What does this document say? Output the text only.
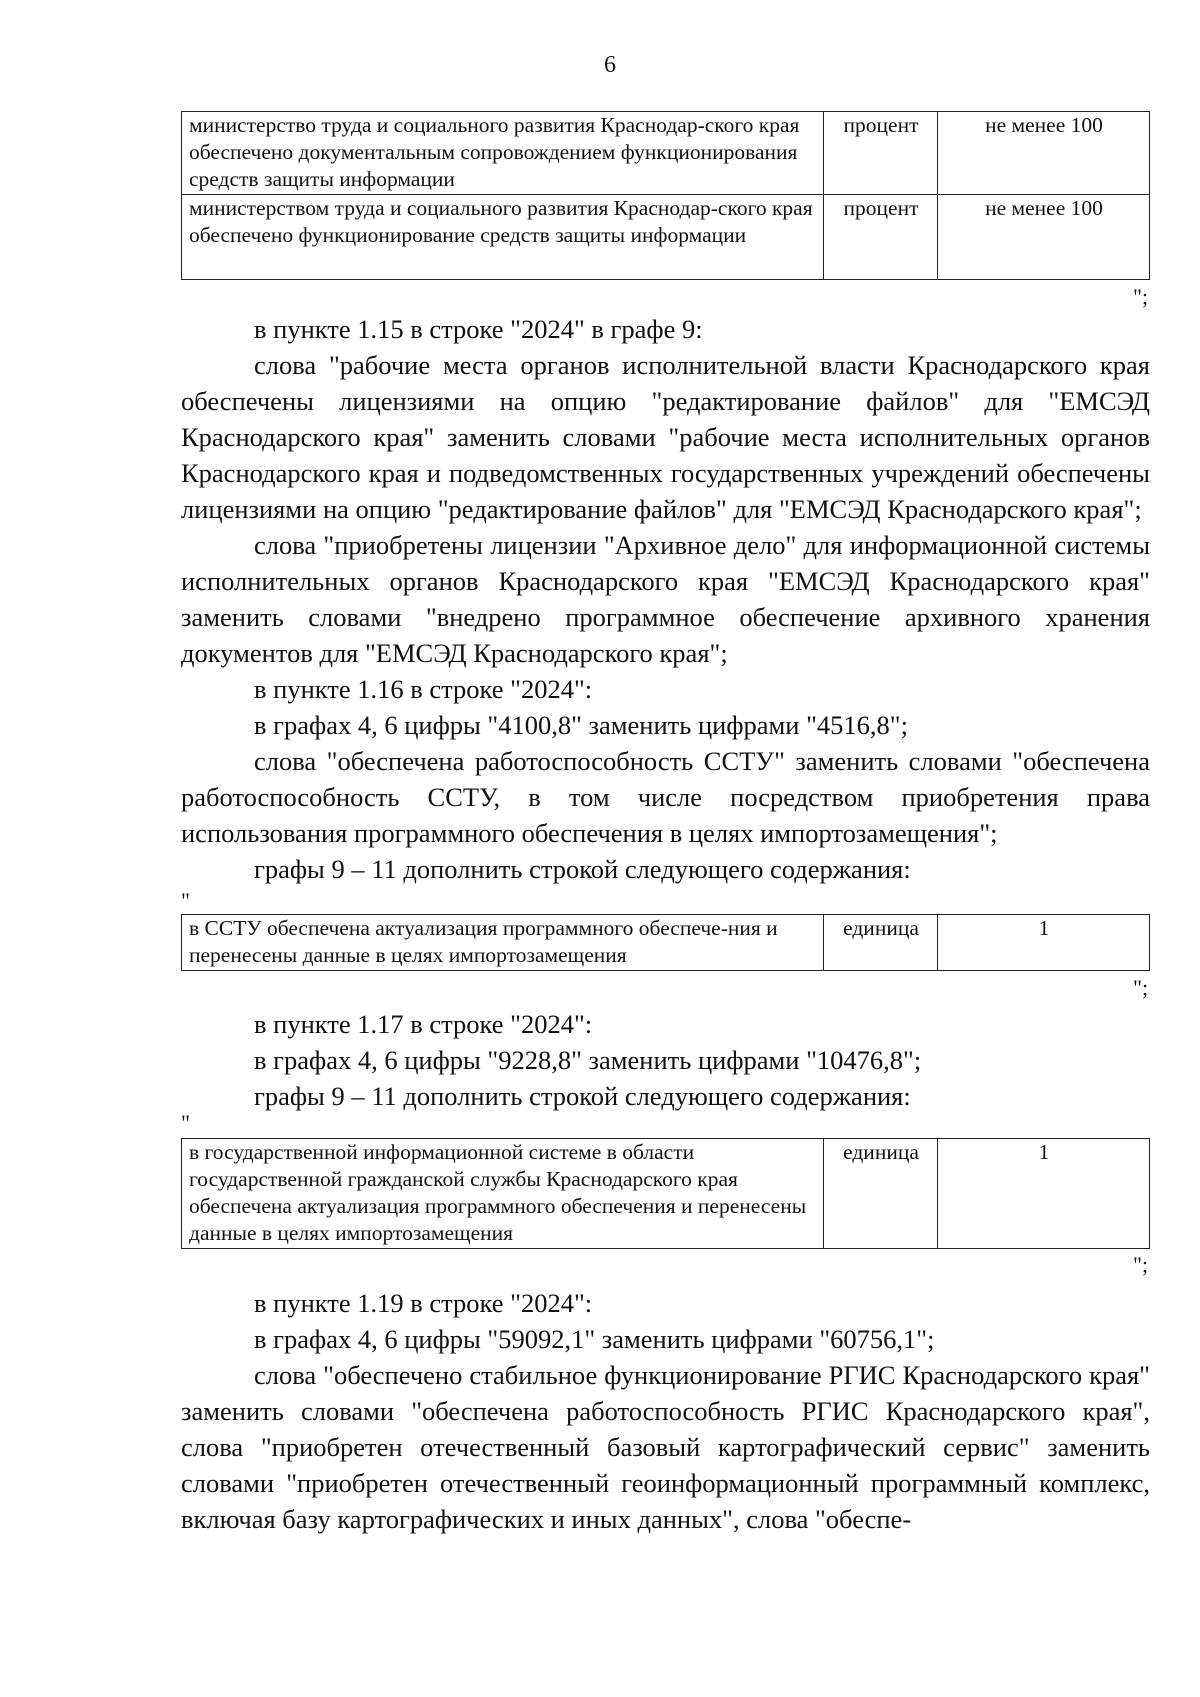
6
министерство труда и социального развития Краснодар-ского края обеспечено документальным сопровождением функционирования средств защиты информации	процент	не менее 100
министерством труда и социального развития Краснодар-ского края обеспечено функционирование средств защиты информации	процент	не менее 100
";

в пункте 1.15 в строке "2024" в графе 9:

слова "рабочие места органов исполнительной власти Краснодарского края обеспечены лицензиями на опцию "редактирование файлов" для "ЕМСЭД Краснодарского края" заменить словами "рабочие места исполнительных органов Краснодарского края и подведомственных государственных учреждений обеспечены лицензиями на опцию "редактирование файлов" для "ЕМСЭД Краснодарского края";

слова "приобретены лицензии "Архивное дело" для информационной системы исполнительных органов Краснодарского края "ЕМСЭД Краснодарского края" заменить словами "внедрено программное обеспечение архивного хранения документов для "ЕМСЭД Краснодарского края";

в пункте 1.16 в строке "2024":

в графах 4, 6 цифры "4100,8" заменить цифрами "4516,8";

слова "обеспечена работоспособность ССТУ" заменить словами "обеспечена работоспособность ССТУ, в том числе посредством приобретения права использования программного обеспечения в целях импортозамещения";

графы 9 – 11 дополнить строкой следующего содержания:

"
в ССТУ обеспечена актуализация программного обеспече-ния и перенесены данные в целях импортозамещения	единица	1
";

в пункте 1.17 в строке "2024":

в графах 4, 6 цифры "9228,8" заменить цифрами "10476,8";

графы 9 – 11 дополнить строкой следующего содержания:

"
в государственной информационной системе в области государственной гражданской службы Краснодарского края обеспечена актуализация программного обеспечения и перенесены данные в целях импортозамещения	единица	1
";

в пункте 1.19 в строке "2024":

в графах 4, 6 цифры "59092,1" заменить цифрами "60756,1";

слова "обеспечено стабильное функционирование РГИС Краснодарского края" заменить словами "обеспечена работоспособность РГИС Краснодарского края", слова "приобретен отечественный базовый картографический сервис" заменить словами "приобретен отечественный геоинформационный программный комплекс, включая базу картографических и иных данных", слова "обеспе-
